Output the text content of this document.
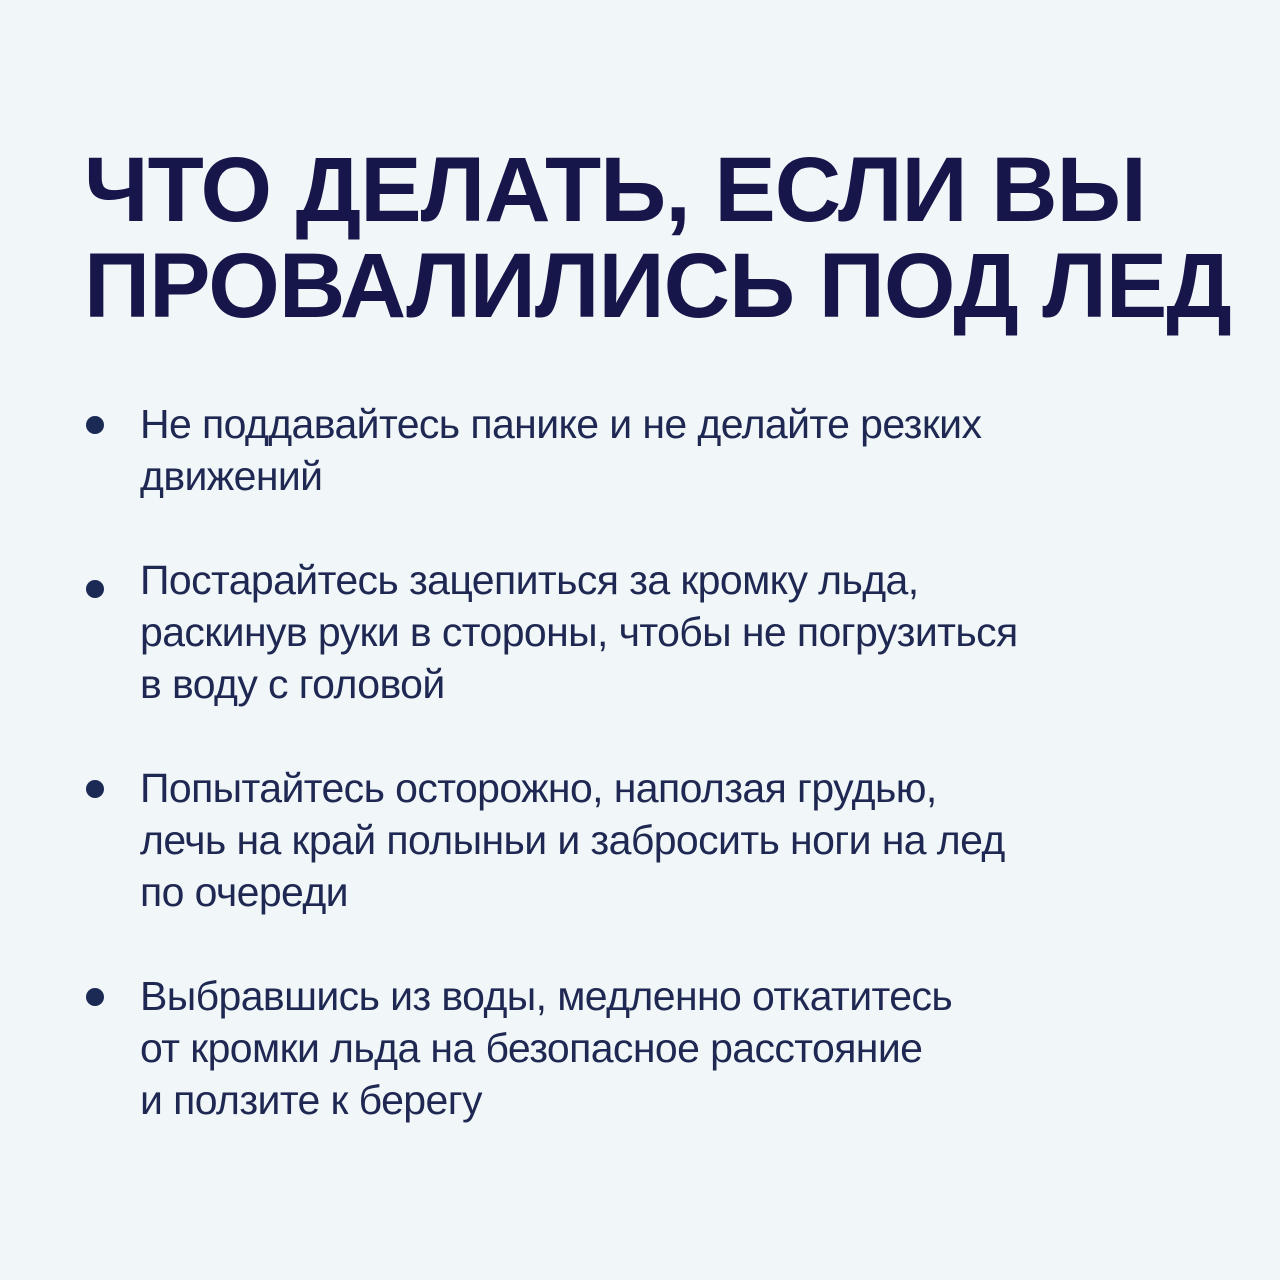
ЧТО ДЕЛАТЬ, ЕСЛИ ВЫ
ПРОВАЛИЛИСЬ ПОД ЛЕД
Не поддавайтесь панике и не делайте резких
движений
Постарайтесь зацепиться за кромку льда,
раскинув руки в стороны, чтобы не погрузиться
в воду с головой
Попытайтесь осторожно, наползая грудью,
лечь на край полыньи и забросить ноги на лед
по очереди
Выбравшись из воды, медленно откатитесь
от кромки льда на безопасное расстояние
и ползите к берегу
